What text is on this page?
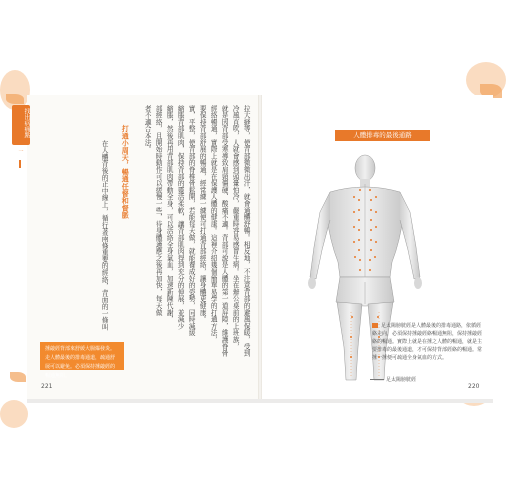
找出病痛點
一	拉大縫等，使背部微微出汗，就會通體舒暢。相反地，不注意背部的避風保暖，受到
冷風直吹，人就會感到頭暈怕冷，嚴重時容易感冒生病。坐在辦公桌前的上班族，
就是因背部受寒導致肩頸僵硬、酸痛不適。背部可說是人體的第一道屏障，維護脊骨
經絡暢通，實際上就是在保護人體的健康。這裡介紹幾個簡單易學的打通方法，
要保持背部舒展的暢通，經常練一練便可打通背部經絡，讓身體更健康。
實，平整，使背部的脊椎骨鬆開，若能每天做，就能養成好的姿勢，同時減緩
縮脹背部肌肉，保持背部的靈活柔軟，讓背部肌肉得到充分的伸展，並減少
縮脹，然後再用背部肌肉帶動全身，可以活絡全身氣血，加速新陳代謝，
部經絡，且開始時動作可以緩慢一些，待身體適應之後再加快，每天做
者不適合本法。
打通小周天，暢通任督和督脈
在人體背後的正中線上，循行著兩條重要的經絡，背面的一條叫
捶敲經背部來舒緩大腸爆發炎。走人體最後的排毒通道，疏通舒展可以避免。必須保持捶敲經的暢通無阻。
221	220
人體排毒的最後通路
足太陽膀胱經是人體最後的排毒通路，依循經絡走向，必須保持捶敲經絡暢通無阻，保持捶敲經絡的暢通。實際上就是在捶之人體的暢通，就是主要排毒的最後通道，才可保持背部經絡的暢通。常捶一捶便可疏通全身氣血的方式。
足太陽膀胱經
